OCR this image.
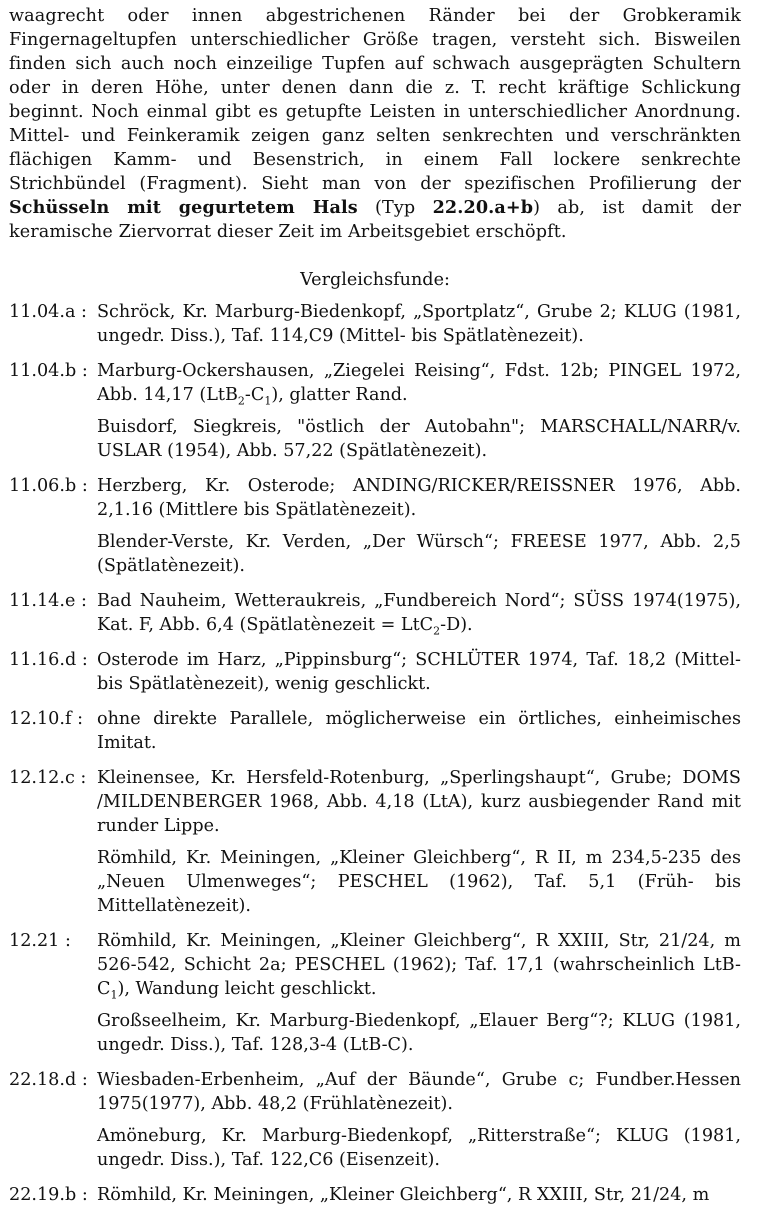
waagrecht oder innen abgestrichenen Ränder bei der Grobkeramik Fingernageltupfen unterschiedlicher Größe tragen, versteht sich. Bisweilen finden sich auch noch einzeilige Tupfen auf schwach ausgeprägten Schultern oder in deren Höhe, unter denen dann die z. T. recht kräftige Schlickung beginnt. Noch einmal gibt es getupfte Leisten in unterschiedlicher Anordnung. Mittel- und Feinkeramik zeigen ganz selten senkrechten und verschränkten flächigen Kamm- und Besenstrich, in einem Fall lockere senkrechte Strichbündel (Fragment). Sieht man von der spezifischen Profilierung der Schüsseln mit gegurtetem Hals (Typ 22.20.a+b) ab, ist damit der keramische Ziervorrat dieser Zeit im Arbeitsgebiet erschöpft.

Vergleichsfunde:
11.04.a : Schröck, Kr. Marburg-Biedenkopf, „Sportplatz“, Grube 2; KLUG (1981, ungedr. Diss.), Taf. 114,C9 (Mittel- bis Spätlatènezeit).
11.04.b : Marburg-Ockershausen, „Ziegelei Reising“, Fdst. 12b; PINGEL 1972, Abb. 14,17 $(LtB_2-C_1)$, glatter Rand.
Buisdorf, Siegkreis, "östlich der Autobahn"; MARSCHALL/NARR/v. USLAR (1954), Abb. 57,22 (Spätlatènezeit).
11.06.b : Herzberg, Kr. Osterode; ANDING/RICKER/REISSNER 1976, Abb. 2,1.16 (Mittlere bis Spätlatènezeit).
Blender-Verste, Kr. Verden, „Der Würsch“; FREESE 1977, Abb. 2,5 (Spätlatènezeit).
11.14.e : Bad Nauheim, Wetteraukreis, „Fundbereich Nord“; SÜSS 1974(1975), Kat. F, Abb. 6,4 (Spätlatènezeit = LtC$_2$-D).
11.16.d : Osterode im Harz, „Pippinsburg“; SCHLÜTER 1974, Taf. 18,2 (Mittel- bis Spätlatènezeit), wenig geschlickt.
12.10.f : ohne direkte Parallele, möglicherweise ein örtliches, einheimisches Imitat.
12.12.c : Kleinensee, Kr. Hersfeld-Rotenburg, „Sperlingshaupt“, Grube; DOMS /MILDENBERGER 1968, Abb. 4,18 (LtA), kurz ausbiegender Rand mit runder Lippe.
Römhild, Kr. Meiningen, „Kleiner Gleichberg“, R II, m 234,5-235 des „Neuen Ulmenweges“; PESCHEL (1962), Taf. 5,1 (Früh- bis Mittellatènezeit).
12.21 :	Römhild, Kr. Meiningen, „Kleiner Gleichberg“, R XXIII, Str, 21/24, m 526-542, Schicht 2a; PESCHEL (1962); Taf. 17,1 (wahrscheinlich LtB-$C_1$), Wandung leicht geschlickt.
Großseelheim, Kr. Marburg-Biedenkopf, „Elauer Berg“?; KLUG (1981, ungedr. Diss.), Taf. 128,3-4 (LtB-C).
22.18.d : Wiesbaden-Erbenheim, „Auf der Bäunde“, Grube c; Fundber.Hessen 1975(1977), Abb. 48,2 (Frühlatènezeit).
Amöneburg, Kr. Marburg-Biedenkopf, „Ritterstraße“; KLUG (1981, ungedr. Diss.), Taf. 122,C6 (Eisenzeit).
22.19.b : Römhild, Kr. Meiningen, „Kleiner Gleichberg“, R XXIII, Str, 21/24, m
